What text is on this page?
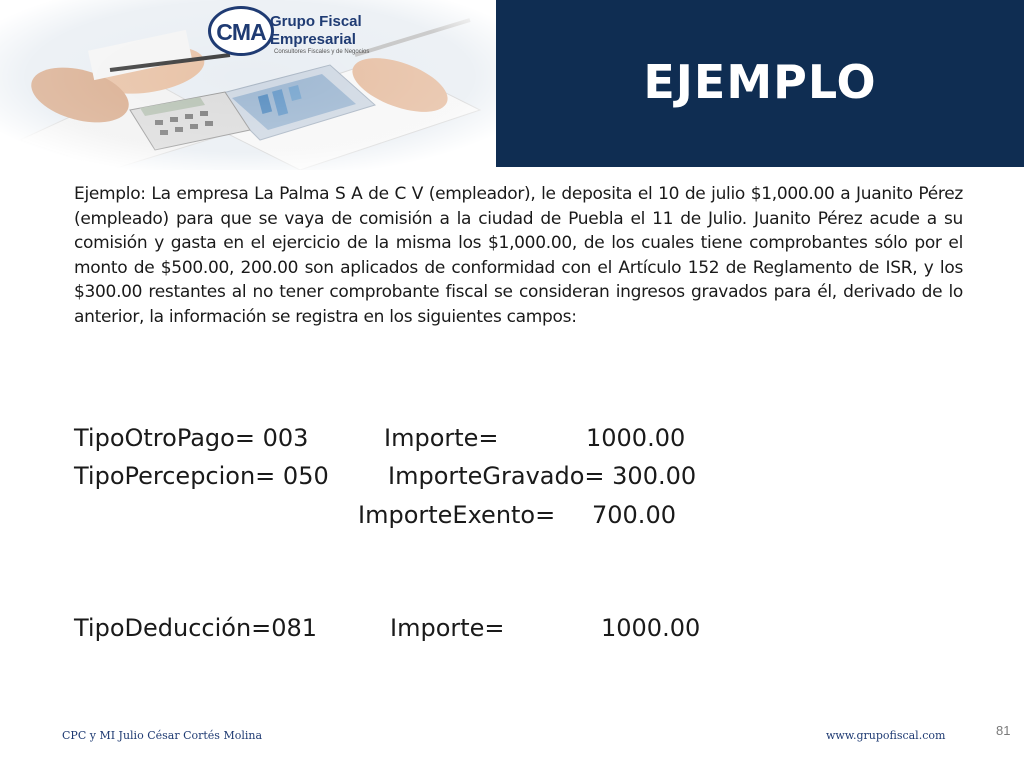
CMA Grupo Fiscal
Empresarial
Consultores Fiscales y de Negocios
EJEMPLO
Ejemplo: La empresa La Palma S A de C V (empleador), le deposita el 10 de julio $1,000.00 a Juanito Pérez (empleado) para que se vaya de comisión a la ciudad de Puebla el 11 de Julio. Juanito Pérez acude a su comisión y gasta en el ejercicio de la misma los $1,000.00, de los cuales tiene comprobantes sólo por el monto de $500.00, 200.00 son aplicados de conformidad con el Artículo 152 de Reglamento de ISR, y los $300.00 restantes al no tener comprobante fiscal se consideran ingresos gravados para él, derivado de lo anterior, la información se registra en los siguientes campos:
TipoOtroPago= 003	Importe=	1000.00
TipoPercepcion= 050 ImporteGravado= 300.00
ImporteExento= 700.00
TipoDeducción=081	Importe=	1000.00
CPC y MI Julio César Cortés Molina	www.grupofiscal.com	81
